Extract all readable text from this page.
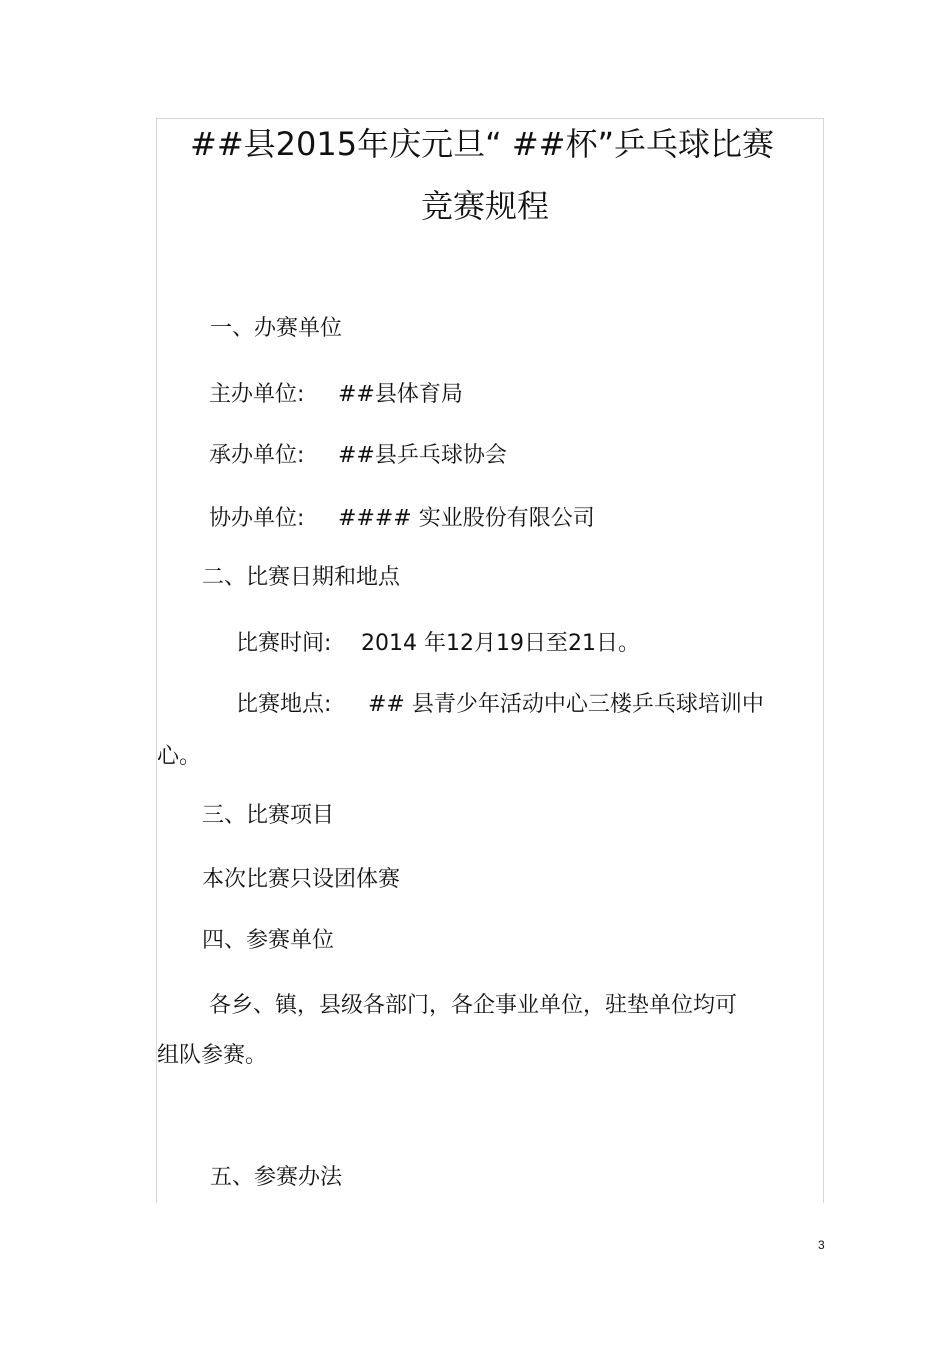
##县2015年庆元旦“ ##杯”乒乓球比赛
竞赛规程
一、办赛单位
主办单位: ##县体育局
承办单位: ##县乒乓球协会
协办单位: #### 实业股份有限公司
二、比赛日期和地点
比赛时间: 2014 年12月19日至21日。
比赛地点: ## 县青少年活动中心三楼乒乓球培训中
心。
三、比赛项目
本次比赛只设团体赛
四、参赛单位
各乡、镇，县级各部门，各企事业单位，驻垫单位均可
组队参赛。
五、参赛办法
3
